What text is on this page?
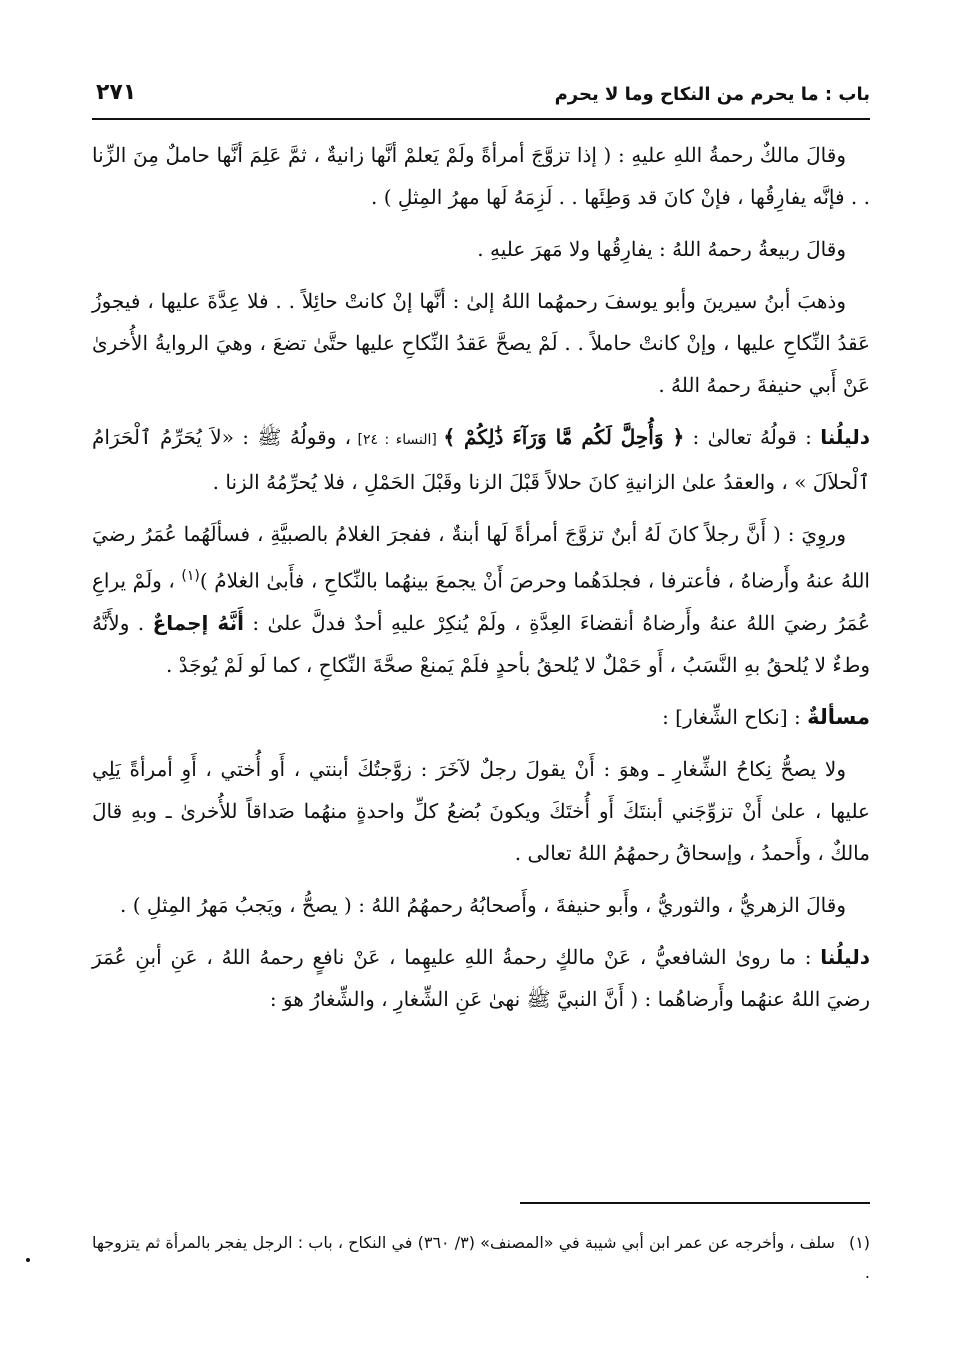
باب : ما يحرم من النكاح وما لا يحرم
٢٧١

وقالَ مالكٌ رحمةُ اللهِ عليهِ : ( إذا تزوَّجَ أمرأةً ولَمْ يَعلمْ أنَّها زانيةٌ ، ثمَّ عَلِمَ أنَّها حاملٌ مِنَ الزِّنا . . فإنَّه يفارِقُها ، فإنْ كانَ قد وَطِئَها . . لَزِمَهُ لَها مهرُ المِثلِ ) .

وقالَ ربيعةُ رحمهُ اللهُ : يفارِقُها ولا مَهرَ عليهِ .

وذهبَ أبنُ سيرينَ وأبو يوسفَ رحمهُما اللهُ إلىٰ : أنَّها إنْ كانتْ حائِلاً . . فلا عِدَّةَ عليها ، فيجوزُ عَقدُ النِّكاحِ عليها ، وإنْ كانتْ حاملاً . . لَمْ يصحَّ عَقدُ النِّكاحِ عليها حتَّىٰ تضعَ ، وهيَ الروايةُ الأُخرىٰ عَنْ أَبي حنيفةَ رحمهُ اللهُ .

دليلُنا : قولُهُ تعالىٰ : ﴿ وَأُحِلَّ لَكُم مَّا وَرَآءَ ذَٰلِكُمْ ﴾ [النساء : ٢٤] ، وقولُهُ ﷺ : «لاَ يُحَرِّمُ ٱلْحَرَامُ ٱلْحلاَلَ » ، والعقدُ علىٰ الزانيةِ كانَ حلالاً قَبْلَ الزنا وقَبْلَ الحَمْلِ ، فلا يُحرِّمُهُ الزنا .

وروِيَ : ( أَنَّ رجلاً كانَ لَهُ أبنٌ تزوَّجَ أمرأةً لَها أبنةٌ ، ففجرَ الغلامُ بالصبيَّةِ ، فسألَهُما عُمَرُ رضيَ اللهُ عنهُ وأَرضاهُ ، فأعترفا ، فجلدَهُما وحرصَ أَنْ يجمعَ بينهُما بالنِّكاحِ ، فأَبىٰ الغلامُ )$^{(١)}$ ، ولَمْ يراعِ عُمَرُ رضيَ اللهُ عنهُ وأَرضاهُ أنقضاءَ العِدَّةِ ، ولَمْ يُنكِرْ عليهِ أحدٌ فدلَّ علىٰ : أَنَّهُ إجماعٌ . ولأَنَّهُ وطءٌ لا يُلحقُ بهِ النَّسَبُ ، أَو حَمْلٌ لا يُلحقُ بأحدٍ فلَمْ يَمنعْ صحَّةَ النِّكاحِ ، كما لَو لَمْ يُوجَدْ .

مسألةٌ : [نكاح الشِّغار] :

ولا يصحُّ نِكاحُ الشِّغارِ ـ وهوَ : أَنْ يقولَ رجلٌ لآخَرَ : زوَّجتُكَ أبنتي ، أَو أُختي ، أَوِ أمرأةً يَلِي عليها ، علىٰ أَنْ تزوِّجَني أبنتَكَ أَو أُختَكَ ويكونَ بُضعُ كلِّ واحدةٍ منهُما صَداقاً للأُخرىٰ ـ وبهِ قالَ مالكٌ ، وأَحمدُ ، وإسحاقُ رحمهُمُ اللهُ تعالى .

وقالَ الزهريُّ ، والثوريُّ ، وأَبو حنيفةَ ، وأَصحابُهُ رحمهُمُ اللهُ : ( يصحُّ ، ويَجبُ مَهرُ المِثلِ ) .

دليلُنا : ما روىٰ الشافعيُّ ، عَنْ مالكٍ رحمةُ اللهِ عليهِما ، عَنْ نافعٍ رحمهُ اللهُ ، عَنِ أبنِ عُمَرَ رضيَ اللهُ عنهُما وأَرضاهُما : ( أَنَّ النبيَّ ﷺ نهىٰ عَنِ الشِّغارِ ، والشِّغارُ هوَ :

(١)سلف ، وأخرجه عن عمر ابن أبي شيبة في «المصنف» (٣/ ٣٦٠) في النكاح ، باب : الرجل يفجر بالمرأة ثم يتزوجها .
